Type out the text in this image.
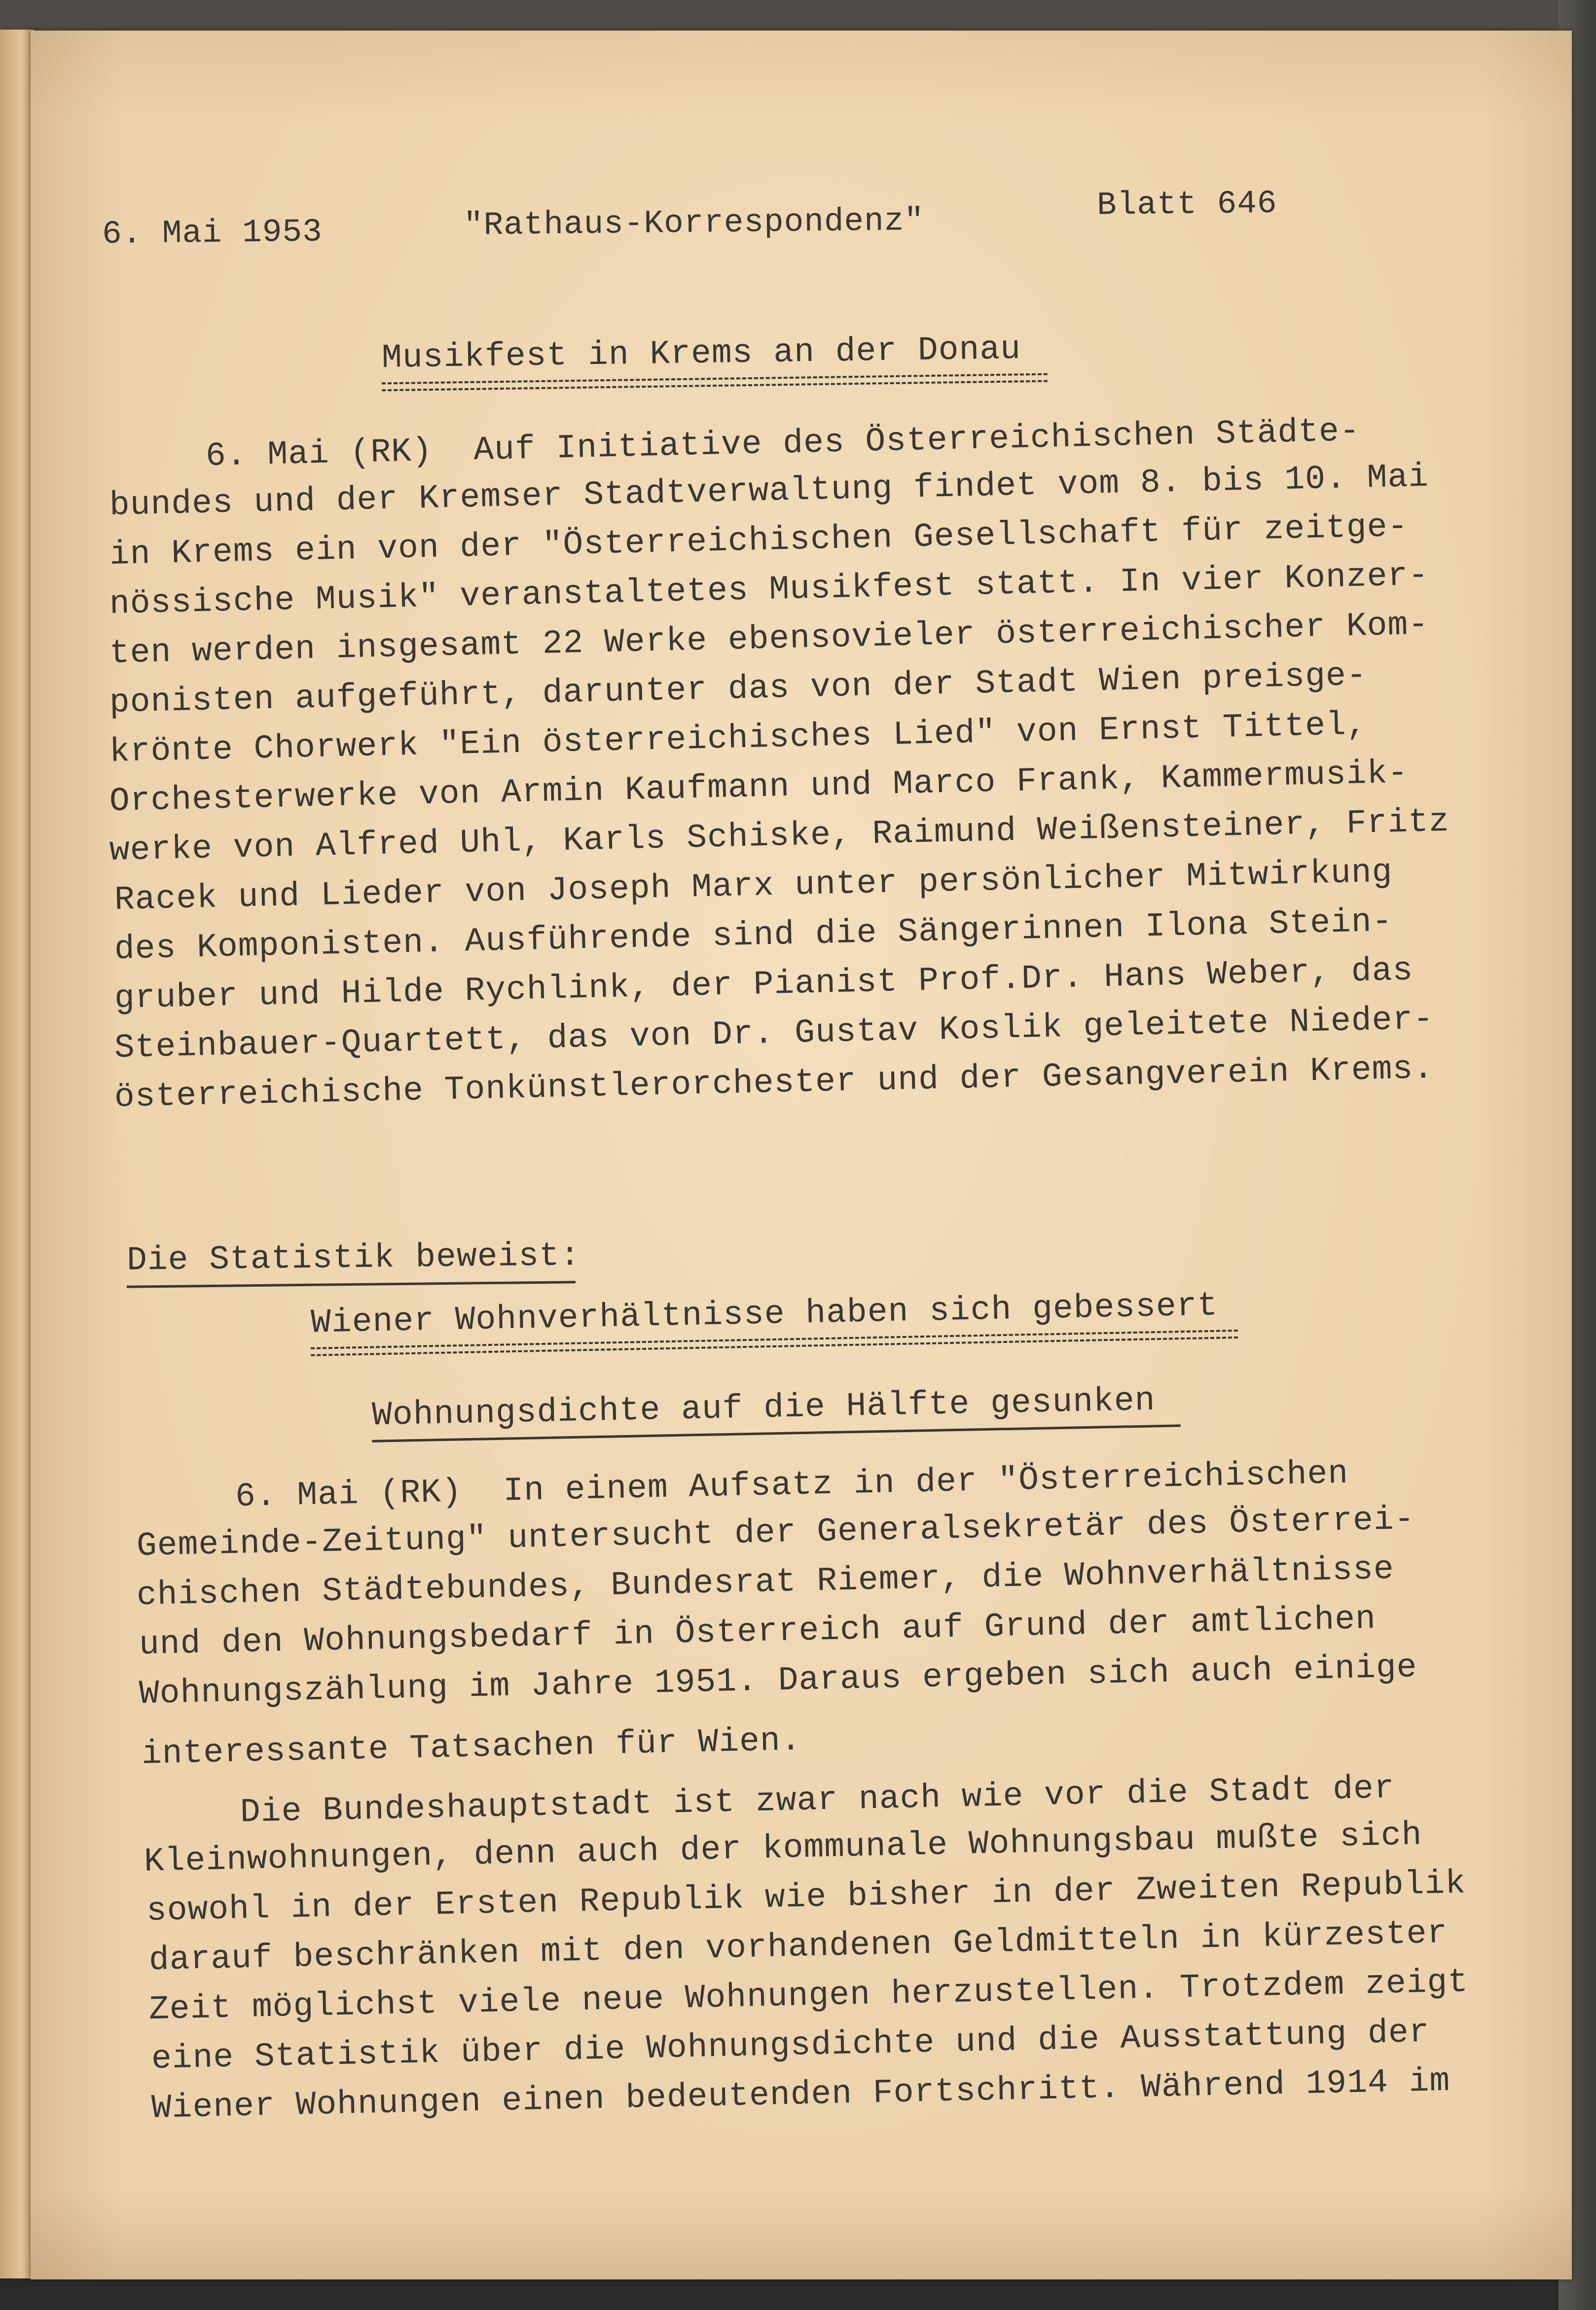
6. Mai 1953	"Rathaus-Korrespondenz"	Blatt 646
Musikfest in Krems an der Donau
6. Mai (RK)  Auf Initiative des Österreichischen Städte-
bundes und der Kremser Stadtverwaltung findet vom 8. bis 10. Mai
in Krems ein von der "Österreichischen Gesellschaft für zeitge-
nössische Musik" veranstaltetes Musikfest statt. In vier Konzer-
ten werden insgesamt 22 Werke ebensovieler österreichischer Kom-
ponisten aufgeführt, darunter das von der Stadt Wien preisge-
krönte Chorwerk "Ein österreichisches Lied" von Ernst Tittel,
Orchesterwerke von Armin Kaufmann und Marco Frank, Kammermusik-
werke von Alfred Uhl, Karls Schiske, Raimund Weißensteiner, Fritz
Racek und Lieder von Joseph Marx unter persönlicher Mitwirkung
des Komponisten. Ausführende sind die Sängerinnen Ilona Stein-
gruber und Hilde Rychlink, der Pianist Prof.Dr. Hans Weber, das
Steinbauer-Quartett, das von Dr. Gustav Koslik geleitete Nieder-
österreichische Tonkünstlerorchester und der Gesangverein Krems.
Die Statistik beweist:
Wiener Wohnverhältnisse haben sich gebessert
Wohnungsdichte auf die Hälfte gesunken
6. Mai (RK)  In einem Aufsatz in der "Österreichischen
Gemeinde-Zeitung" untersucht der Generalsekretär des Österrei-
chischen Städtebundes, Bundesrat Riemer, die Wohnverhältnisse
und den Wohnungsbedarf in Österreich auf Grund der amtlichen
Wohnungszählung im Jahre 1951. Daraus ergeben sich auch einige
interessante Tatsachen für Wien.
Die Bundeshauptstadt ist zwar nach wie vor die Stadt der
Kleinwohnungen, denn auch der kommunale Wohnungsbau mußte sich
sowohl in der Ersten Republik wie bisher in der Zweiten Republik
darauf beschränken mit den vorhandenen Geldmitteln in kürzester
Zeit möglichst viele neue Wohnungen herzustellen. Trotzdem zeigt
eine Statistik über die Wohnungsdichte und die Ausstattung der
Wiener Wohnungen einen bedeutenden Fortschritt. Während 1914 im
